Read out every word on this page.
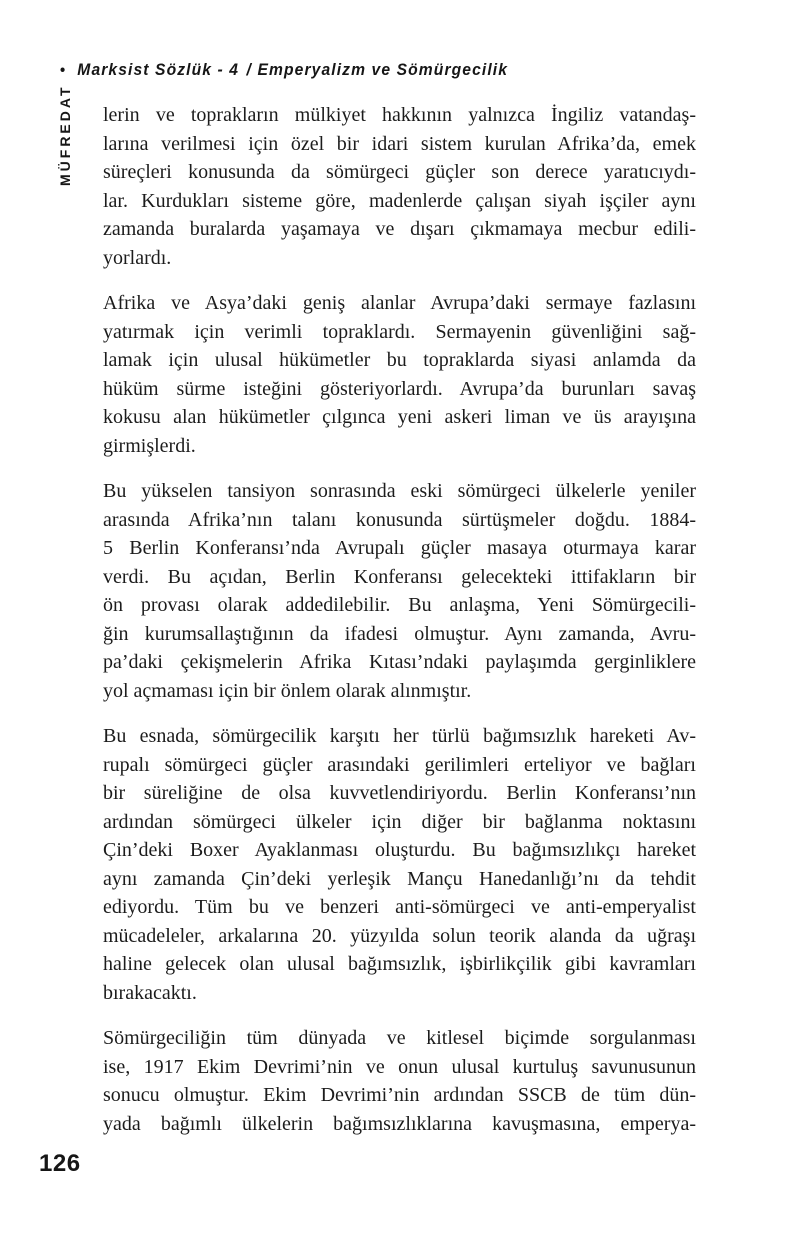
• Marksist Sözlük - 4 / Emperyalizm ve Sömürgecilik
MÜFREDAT lerin ve toprakların mülkiyet hakkının yalnızca İngiliz vatandaş-
larına verilmesi için özel bir idari sistem kurulan Afrika’da, emek
süreçleri konusunda da sömürgeci güçler son derece yaratıcıydı-
lar. Kurdukları sisteme göre, madenlerde çalışan siyah işçiler aynı
zamanda buralarda yaşamaya ve dışarı çıkmamaya mecbur edili-
yorlardı.
Afrika ve Asya’daki geniş alanlar Avrupa’daki sermaye fazlasını
yatırmak için verimli topraklardı. Sermayenin güvenliğini sağ-
lamak için ulusal hükümetler bu topraklarda siyasi anlamda da
hüküm sürme isteğini gösteriyorlardı. Avrupa’da burunları savaş
kokusu alan hükümetler çılgınca yeni askeri liman ve üs arayışına
girmişlerdi.
Bu yükselen tansiyon sonrasında eski sömürgeci ülkelerle yeniler
arasında Afrika’nın talanı konusunda sürtüşmeler doğdu. 1884-
5 Berlin Konferansı’nda Avrupalı güçler masaya oturmaya karar
verdi. Bu açıdan, Berlin Konferansı gelecekteki ittifakların bir
ön provası olarak addedilebilir. Bu anlaşma, Yeni Sömürgecili-
ğin kurumsallaştığının da ifadesi olmuştur. Aynı zamanda, Avru-
pa’daki çekişmelerin Afrika Kıtası’ndaki paylaşımda gerginliklere
yol açmaması için bir önlem olarak alınmıştır.
Bu esnada, sömürgecilik karşıtı her türlü bağımsızlık hareketi Av-
rupalı sömürgeci güçler arasındaki gerilimleri erteliyor ve bağları
bir süreliğine de olsa kuvvetlendiriyordu. Berlin Konferansı’nın
ardından sömürgeci ülkeler için diğer bir bağlanma noktasını
Çin’deki Boxer Ayaklanması oluşturdu. Bu bağımsızlıkçı hareket
aynı zamanda Çin’deki yerleşik Mançu Hanedanlığı’nı da tehdit
ediyordu. Tüm bu ve benzeri anti-sömürgeci ve anti-emperyalist
mücadeleler, arkalarına 20. yüzyılda solun teorik alanda da uğraşı
haline gelecek olan ulusal bağımsızlık, işbirlikçilik gibi kavramları
bırakacaktı.
Sömürgeciliğin tüm dünyada ve kitlesel biçimde sorgulanması
ise, 1917 Ekim Devrimi’nin ve onun ulusal kurtuluş savunusunun
sonucu olmuştur. Ekim Devrimi’nin ardından SSCB de tüm dün-
yada bağımlı ülkelerin bağımsızlıklarına kavuşmasına, emperya-
126
